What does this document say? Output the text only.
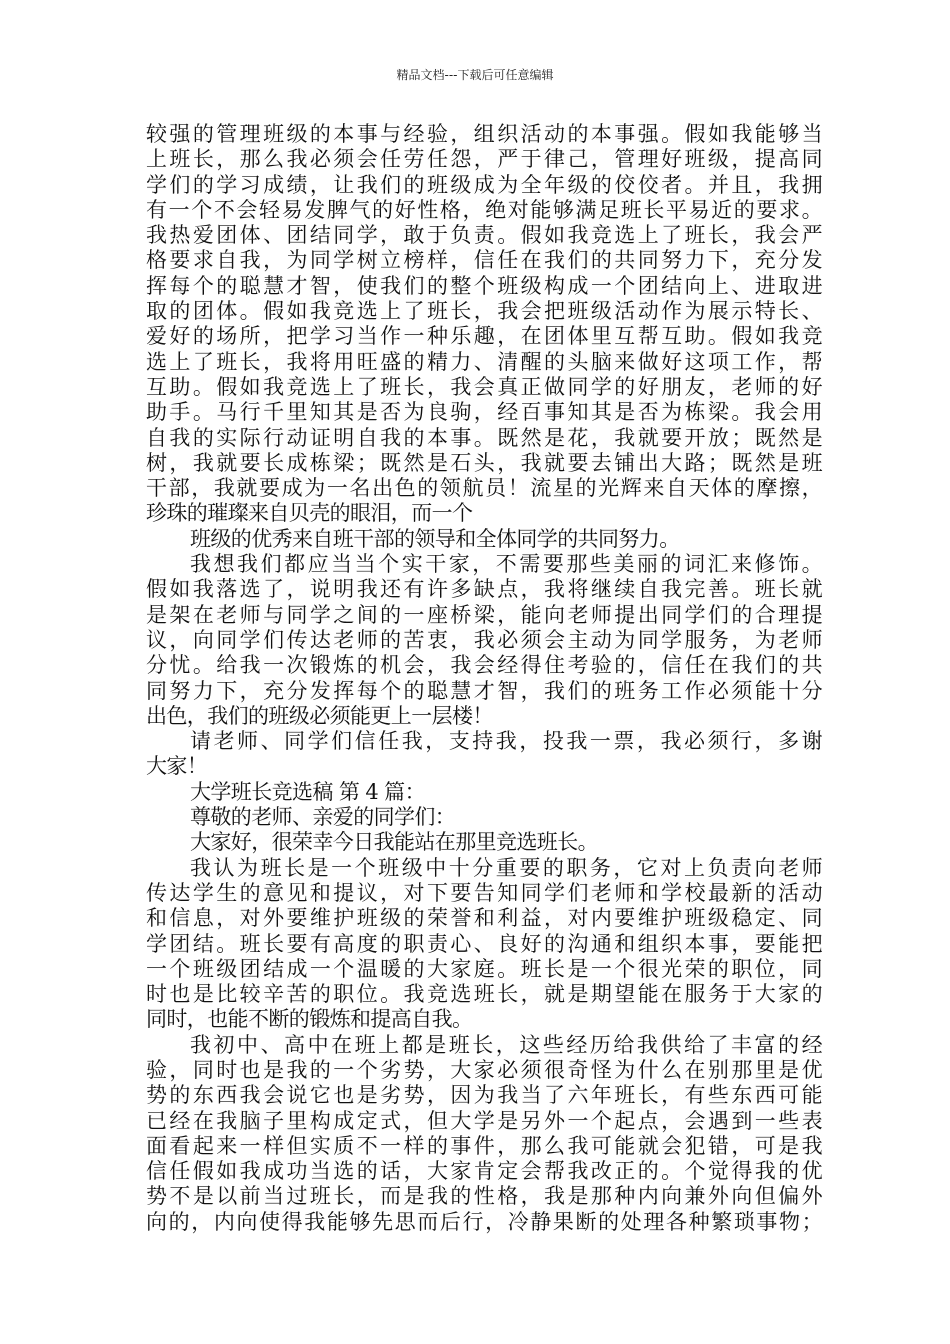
精品文档---下载后可任意编辑
较强的管理班级的本事与经验，组织活动的本事强。假如我能够当
上班长，那么我必须会任劳任怨，严于律己，管理好班级，提高同
学们的学习成绩，让我们的班级成为全年级的佼佼者。并且，我拥
有一个不会轻易发脾气的好性格，绝对能够满足班长平易近的要求。
我热爱团体、团结同学，敢于负责。假如我竞选上了班长，我会严
格要求自我，为同学树立榜样，信任在我们的共同努力下，充分发
挥每个的聪慧才智，使我们的整个班级构成一个团结向上、进取进
取的团体。假如我竞选上了班长，我会把班级活动作为展示特长、
爱好的场所，把学习当作一种乐趣，在团体里互帮互助。假如我竞
选上了班长，我将用旺盛的精力、清醒的头脑来做好这项工作，帮
互助。假如我竞选上了班长，我会真正做同学的好朋友，老师的好
助手。马行千里知其是否为良驹，经百事知其是否为栋梁。我会用
自我的实际行动证明自我的本事。既然是花，我就要开放；既然是
树，我就要长成栋梁；既然是石头，我就要去铺出大路；既然是班
干部，我就要成为一名出色的领航员！流星的光辉来自天体的摩擦，
珍珠的璀璨来自贝壳的眼泪，而一个
班级的优秀来自班干部的领导和全体同学的共同努力。
我想我们都应当当个实干家，不需要那些美丽的词汇来修饰。
假如我落选了，说明我还有许多缺点，我将继续自我完善。班长就
是架在老师与同学之间的一座桥梁，能向老师提出同学们的合理提
议，向同学们传达老师的苦衷，我必须会主动为同学服务，为老师
分忧。给我一次锻炼的机会，我会经得住考验的，信任在我们的共
同努力下，充分发挥每个的聪慧才智，我们的班务工作必须能十分
出色，我们的班级必须能更上一层楼！
请老师、同学们信任我，支持我，投我一票，我必须行，多谢
大家！
大学班长竞选稿 第 4 篇：
尊敬的老师、亲爱的同学们：
大家好，很荣幸今日我能站在那里竞选班长。
我认为班长是一个班级中十分重要的职务，它对上负责向老师
传达学生的意见和提议，对下要告知同学们老师和学校最新的活动
和信息，对外要维护班级的荣誉和利益，对内要维护班级稳定、同
学团结。班长要有高度的职责心、良好的沟通和组织本事，要能把
一个班级团结成一个温暖的大家庭。班长是一个很光荣的职位，同
时也是比较辛苦的职位。我竞选班长，就是期望能在服务于大家的
同时，也能不断的锻炼和提高自我。
我初中、高中在班上都是班长，这些经历给我供给了丰富的经
验，同时也是我的一个劣势，大家必须很奇怪为什么在别那里是优
势的东西我会说它也是劣势，因为我当了六年班长，有些东西可能
已经在我脑子里构成定式，但大学是另外一个起点，会遇到一些表
面看起来一样但实质不一样的事件，那么我可能就会犯错，可是我
信任假如我成功当选的话，大家肯定会帮我改正的。个觉得我的优
势不是以前当过班长，而是我的性格，我是那种内向兼外向但偏外
向的，内向使得我能够先思而后行，冷静果断的处理各种繁琐事物；
